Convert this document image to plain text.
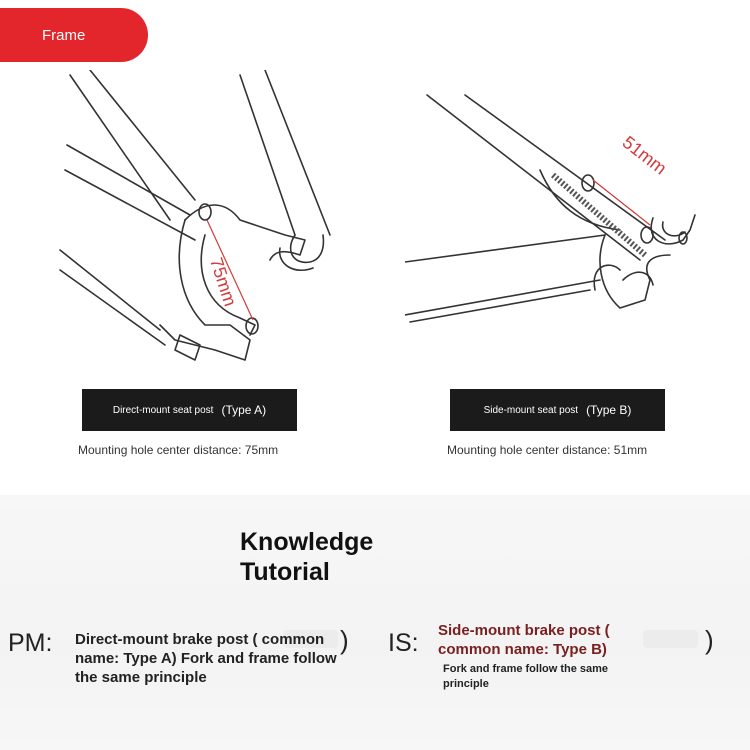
Frame
75mm
51mm
Direct-mount seat post (Type A)
Mounting hole center distance: 75mm
Side-mount seat post (Type B)
Mounting hole center distance: 51mm
Knowledge
Tutorial
PM: Direct-mount brake post ( common name: Type A) Fork and frame follow the same principle
) IS: Side-mount brake post ( common name: Type B)
Fork and frame follow the same principle
)
